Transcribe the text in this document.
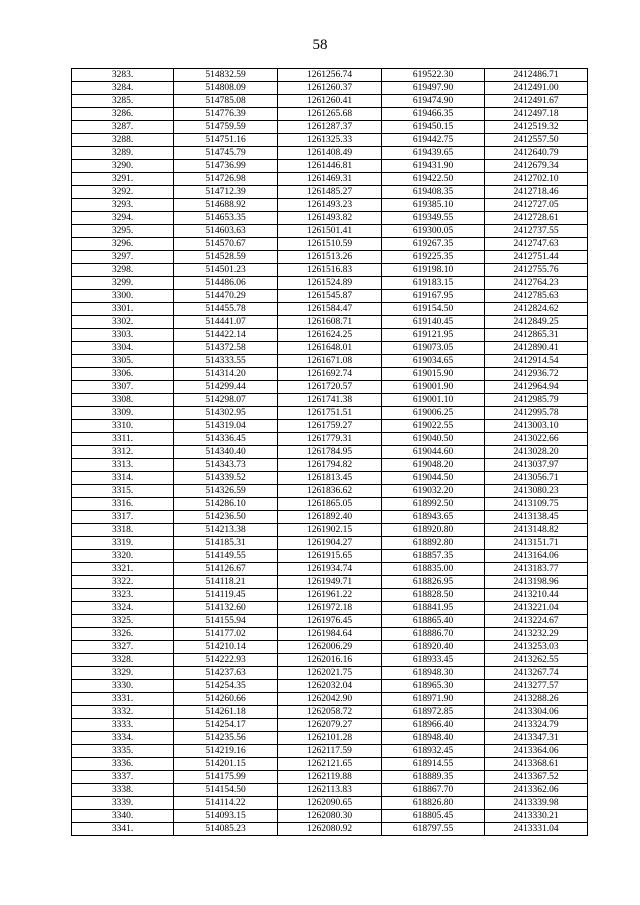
58
3283.	514832.59	1261256.74	619522.30	2412486.71
3284.	514808.09	1261260.37	619497.90	2412491.00
3285.	514785.08	1261260.41	619474.90	2412491.67
3286.	514776.39	1261265.68	619466.35	2412497.18
3287.	514759.59	1261287.37	619450.15	2412519.32
3288.	514751.16	1261325.33	619442.75	2412557.50
3289.	514745.79	1261408.49	619439.65	2412640.79
3290.	514736.99	1261446.81	619431.90	2412679.34
3291.	514726.98	1261469.31	619422.50	2412702.10
3292.	514712.39	1261485.27	619408.35	2412718.46
3293.	514688.92	1261493.23	619385.10	2412727.05
3294.	514653.35	1261493.82	619349.55	2412728.61
3295.	514603.63	1261501.41	619300.05	2412737.55
3296.	514570.67	1261510.59	619267.35	2412747.63
3297.	514528.59	1261513.26	619225.35	2412751.44
3298.	514501.23	1261516.83	619198.10	2412755.76
3299.	514486.06	1261524.89	619183.15	2412764.23
3300.	514470.29	1261545.87	619167.95	2412785.63
3301.	514455.78	1261584.47	619154.50	2412824.62
3302.	514441.07	1261608.71	619140.45	2412849.25
3303.	514422.14	1261624.25	619121.95	2412865.31
3304.	514372.58	1261648.01	619073.05	2412890.41
3305.	514333.55	1261671.08	619034.65	2412914.54
3306.	514314.20	1261692.74	619015.90	2412936.72
3307.	514299.44	1261720.57	619001.90	2412964.94
3308.	514298.07	1261741.38	619001.10	2412985.79
3309.	514302.95	1261751.51	619006.25	2412995.78
3310.	514319.04	1261759.27	619022.55	2413003.10
3311.	514336.45	1261779.31	619040.50	2413022.66
3312.	514340.40	1261784.95	619044.60	2413028.20
3313.	514343.73	1261794.82	619048.20	2413037.97
3314.	514339.52	1261813.45	619044.50	2413056.71
3315.	514326.59	1261836.62	619032.20	2413080.23
3316.	514286.10	1261865.05	618992.50	2413109.75
3317.	514236.50	1261892.40	618943.65	2413138.45
3318.	514213.38	1261902.15	618920.80	2413148.82
3319.	514185.31	1261904.27	618892.80	2413151.71
3320.	514149.55	1261915.65	618857.35	2413164.06
3321.	514126.67	1261934.74	618835.00	2413183.77
3322.	514118.21	1261949.71	618826.95	2413198.96
3323.	514119.45	1261961.22	618828.50	2413210.44
3324.	514132.60	1261972.18	618841.95	2413221.04
3325.	514155.94	1261976.45	618865.40	2413224.67
3326.	514177.02	1261984.64	618886.70	2413232.29
3327.	514210.14	1262006.29	618920.40	2413253.03
3328.	514222.93	1262016.16	618933.45	2413262.55
3329.	514237.63	1262021.75	618948.30	2413267.74
3330.	514254.35	1262032.04	618965.30	2413277.57
3331.	514260.66	1262042.90	618971.90	2413288.26
3332.	514261.18	1262058.72	618972.85	2413304.06
3333.	514254.17	1262079.27	618966.40	2413324.79
3334.	514235.56	1262101.28	618948.40	2413347.31
3335.	514219.16	1262117.59	618932.45	2413364.06
3336.	514201.15	1262121.65	618914.55	2413368.61
3337.	514175.99	1262119.88	618889.35	2413367.52
3338.	514154.50	1262113.83	618867.70	2413362.06
3339.	514114.22	1262090.65	618826.80	2413339.98
3340.	514093.15	1262080.30	618805.45	2413330.21
3341.	514085.23	1262080.92	618797.55	2413331.04
